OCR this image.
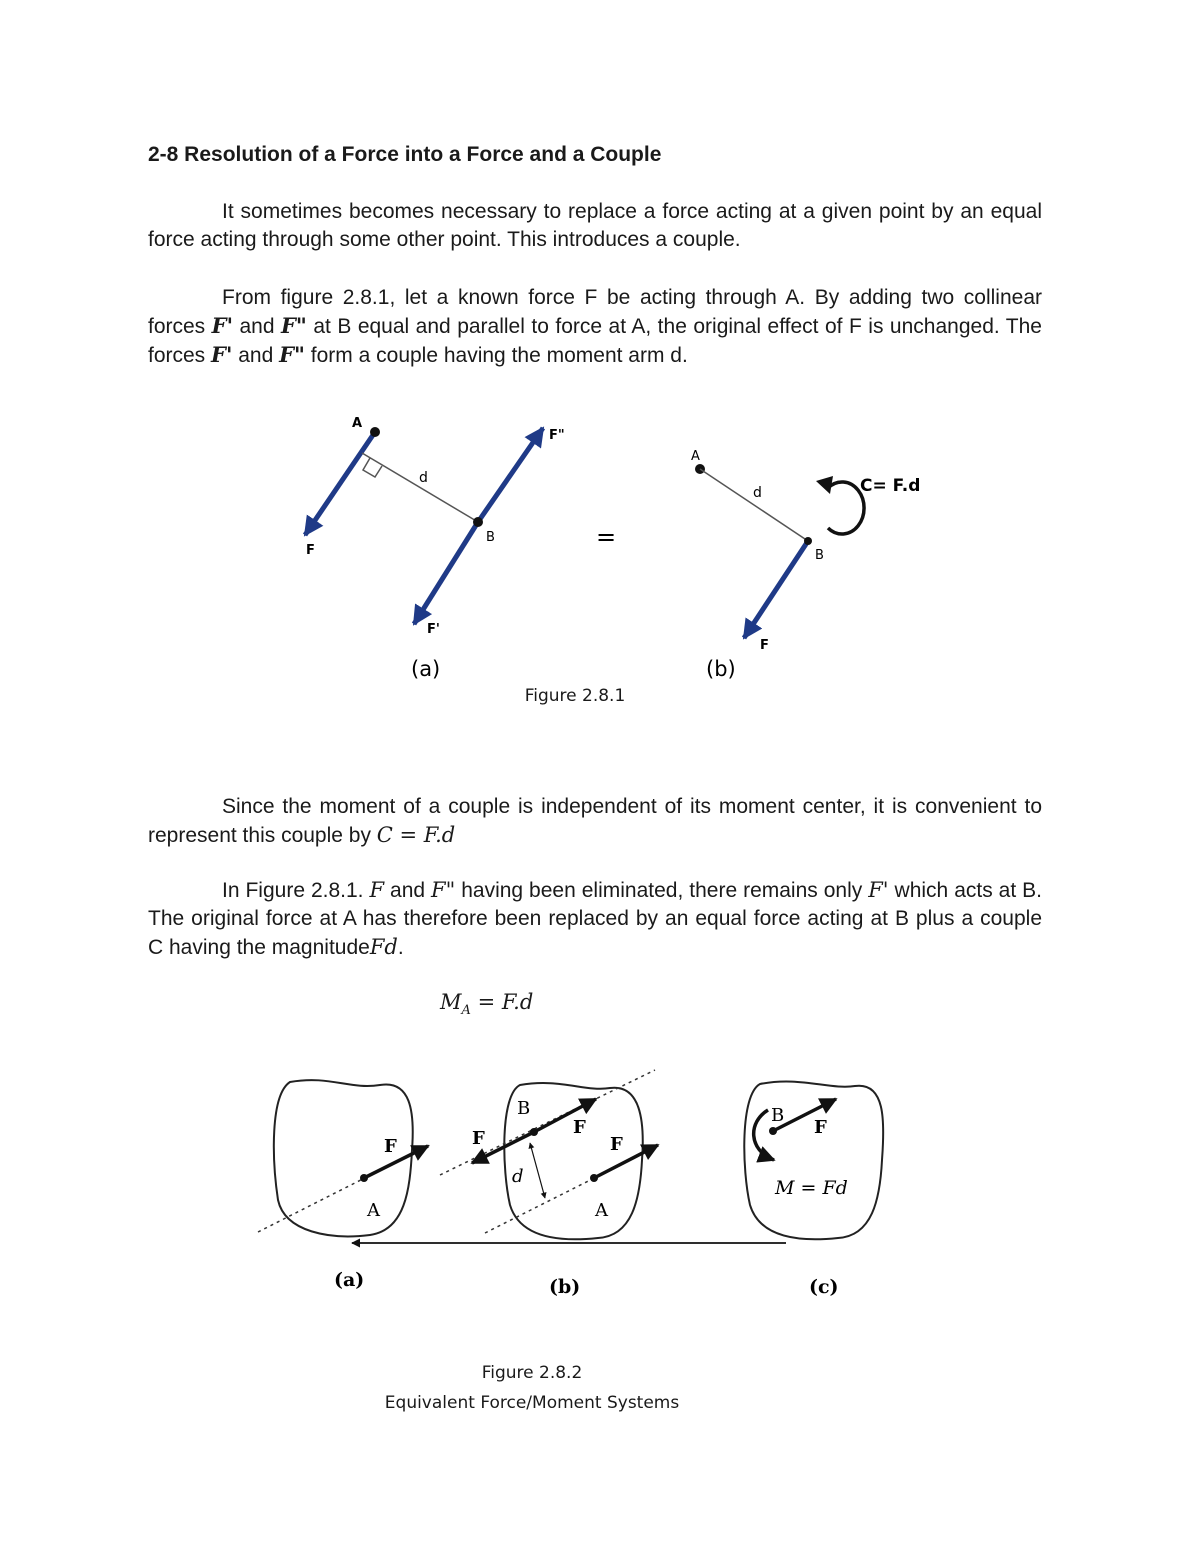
2-8 Resolution of a Force into a Force and a Couple

It sometimes becomes necessary to replace a force acting at a given point by an equal force acting through some other point. This introduces a couple.

From figure 2.8.1, let a known force F be acting through A. By adding two collinear forces F' and F" at B equal and parallel to force at A, the original effect of F is unchanged. The forces F' and F" form a couple having the moment arm d.

A
d
F
B
F"
F'
(a)
=
A
d
B
F
C= F.d
(b)

Figure 2.8.1

Since the moment of a couple is independent of its moment center, it is convenient to represent this couple by C = F.d

In Figure 2.8.1. F and F" having been eliminated, there remains only F' which acts at B. The original force at A has therefore been replaced by an equal force acting at B plus a couple C having the magnitudeFd.

$M_A = F.d$
F
A
(a)
B
F
F
F
d
A
(b)
B
F
M = Fd
(c)

Figure 2.8.2

Equivalent Force/Moment Systems
